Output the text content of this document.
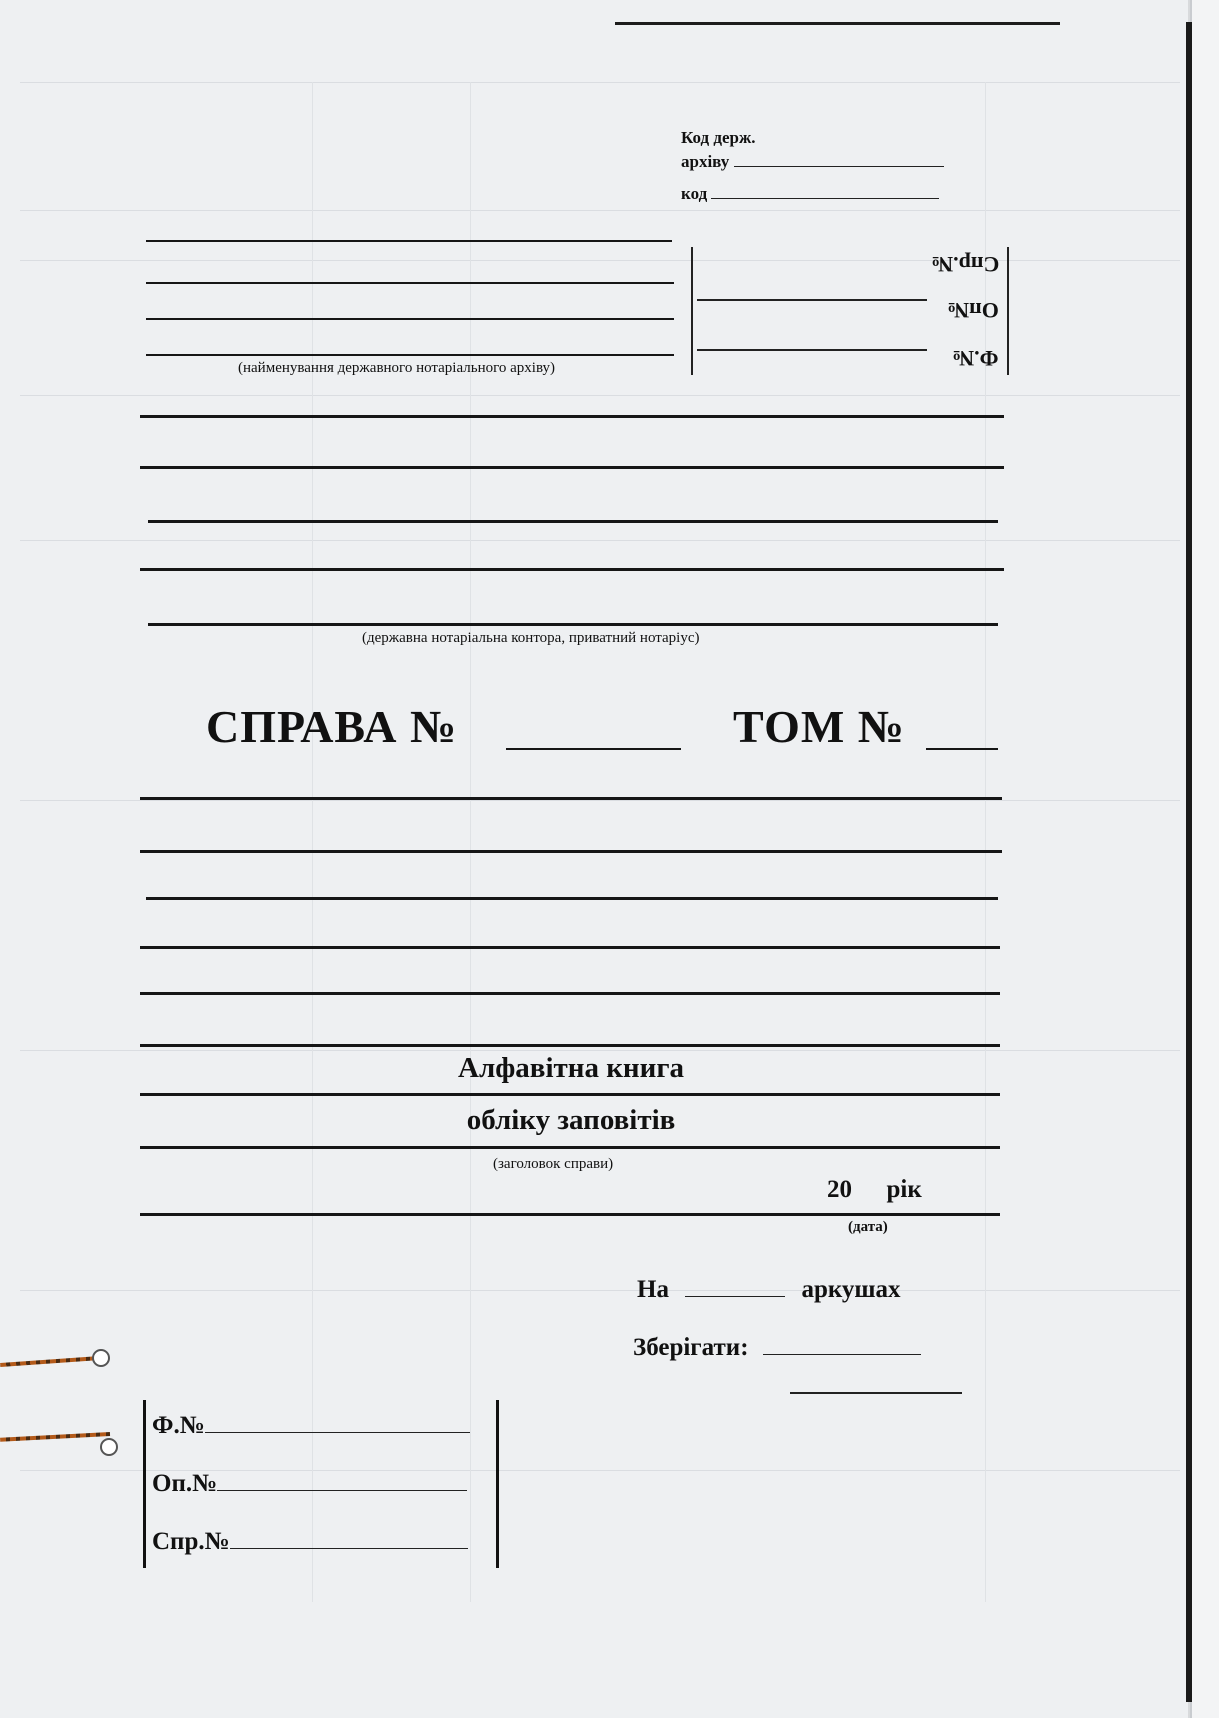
Код держ.
архіву
код
(найменування державного нотаріального архіву)
Спр.№
Оп№
Ф.№
(державна нотаріальна контора, приватний нотаріус)
СПРАВА №	ТОМ №
Алфавітна книга
обліку заповітів
(заголовок справи)
20 рік
(дата)
На	аркушах
Зберігати:
Ф.№
Оп.№
Спр.№
